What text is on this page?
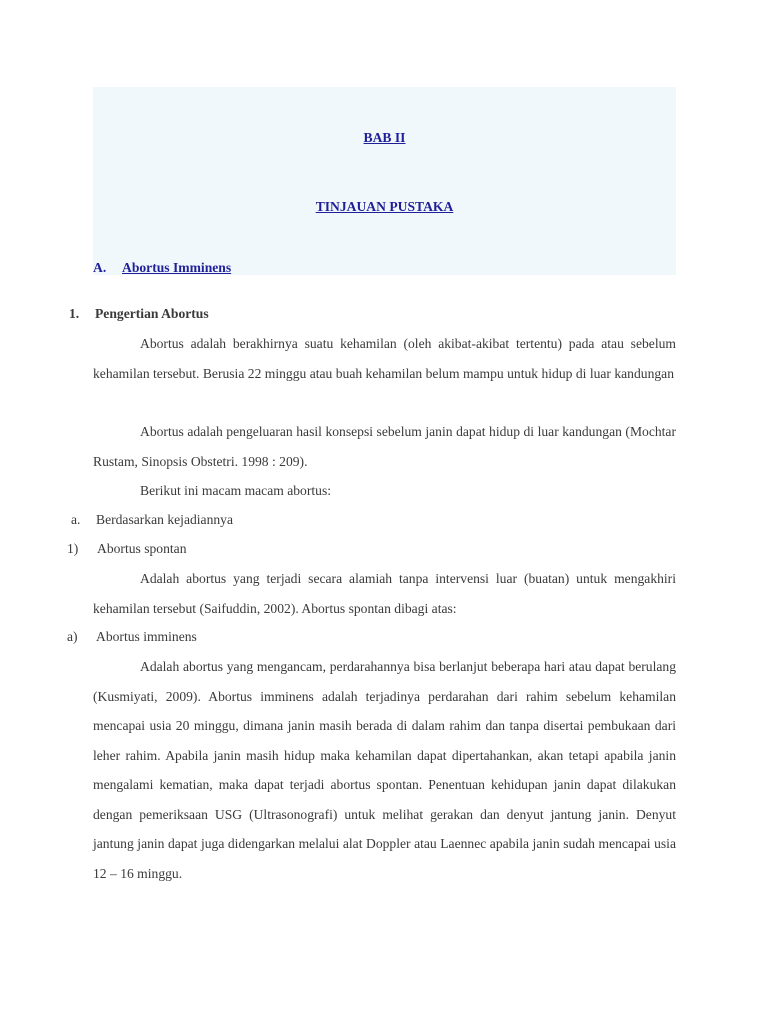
BAB II
TINJAUAN PUSTAKA
A. Abortus Imminens
1. Pengertian Abortus

Abortus adalah berakhirnya suatu kehamilan (oleh akibat-akibat tertentu) pada atau sebelum kehamilan tersebut. Berusia 22 minggu atau buah kehamilan belum mampu untuk hidup di luar kandungan

Abortus adalah pengeluaran hasil konsepsi sebelum janin dapat hidup di luar kandungan (Mochtar Rustam, Sinopsis Obstetri. 1998 : 209).

Berikut ini macam macam abortus:

a. Berdasarkan kejadiannya
1) Abortus spontan

Adalah abortus yang terjadi secara alamiah tanpa intervensi luar (buatan) untuk mengakhiri kehamilan tersebut (Saifuddin, 2002). Abortus spontan dibagi atas:

a) Abortus imminens

Adalah abortus yang mengancam, perdarahannya bisa berlanjut beberapa hari atau dapat berulang (Kusmiyati, 2009). Abortus imminens adalah terjadinya perdarahan dari rahim sebelum kehamilan mencapai usia 20 minggu, dimana janin masih berada di dalam rahim dan tanpa disertai pembukaan dari leher rahim. Apabila janin masih hidup maka kehamilan dapat dipertahankan, akan tetapi apabila janin mengalami kematian, maka dapat terjadi abortus spontan. Penentuan kehidupan janin dapat dilakukan dengan pemeriksaan USG (Ultrasonografi) untuk melihat gerakan dan denyut jantung janin. Denyut jantung janin dapat juga didengarkan melalui alat Doppler atau Laennec apabila janin sudah mencapai usia 12 – 16 minggu.
